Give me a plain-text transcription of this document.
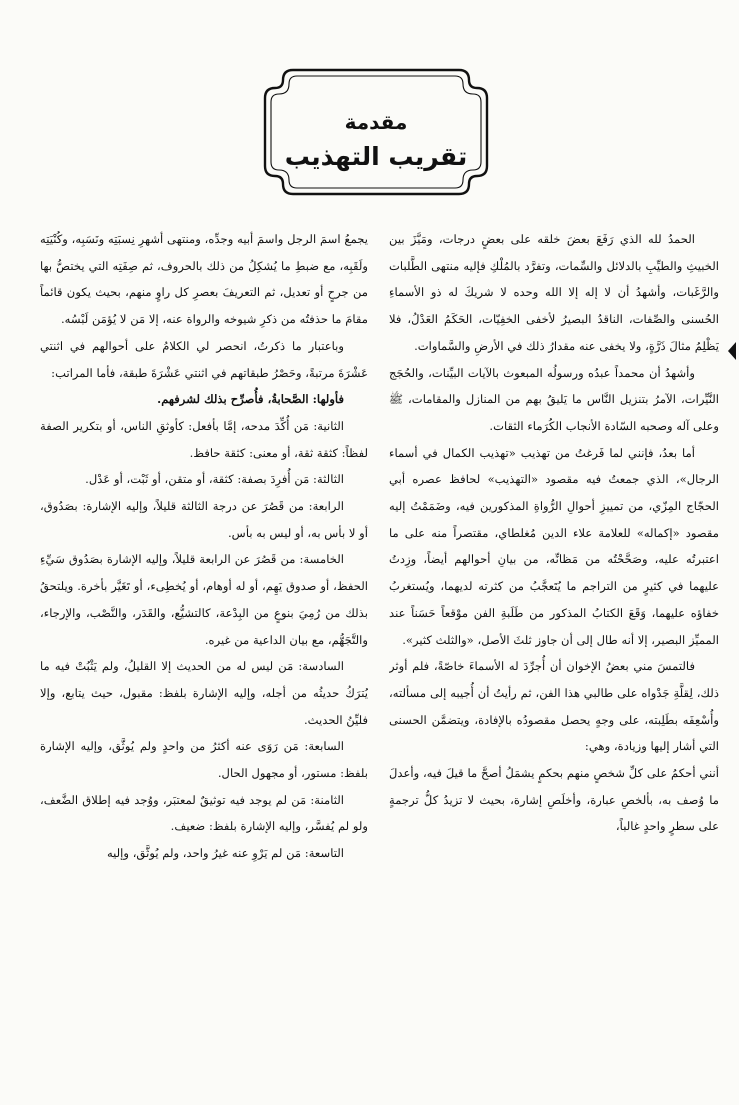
مقدمة
تقريب التهذيب

الحمدُ لله الذي رَفَعَ بعضَ خلقه على بعضٍ درجات، ومَيَّزَ بين الخبيثِ والطيِّبِ بالدلائل والسِّمات، وتفرَّد بالمُلْكِ فإليه منتهى الطَّلبات والرَّغَبات، وأشهدُ أن لا إله إلا الله وحده لا شريكَ له ذو الأسماءِ الحُسنى والصِّفات، الناقدُ البصيرُ لأخفى الخفِيّات، الحَكَمُ العَدْلُ، فلا يَظْلِمُ مثالَ ذَرَّةٍ، ولا يخفى عنه مقدارُ ذلك في الأرضِ والسَّماوات.

وأشهدُ أن محمداً عبدُه ورسولُه المبعوث بالآيات البيِّنات، والحُجَج النَّيِّرات، الآمرُ بتنزيل النَّاس ما يَليقُ بهم من المنازل والمقامات، ﷺ وعلى آله وصحبه السّادة الأنجاب الكُرَماء الثقات.

أما بعدُ، فإنني لما فَرغتُ من تهذيب «تهذيب الكمال في أسماء الرجال»، الذي جمعتُ فيه مقصود «التهذيب» لحافظ عصره أبي الحجّاج المِزّي، من تمييزِ أحوالِ الرُّواةِ المذكورين فيه، وضَمَمْتُ إليه مقصود «إكماله» للعلامة علاء الدين مُغلطاي، مقتصراً منه على ما اعتبرتُه عليه، وصَحَّحْتُه من مَظانِّه، من بيانِ أحوالهم أيضاً، وزِدتُ عليهما في كثيرٍ من التراجم ما يُتَعجَّبُ من كثرته لديهما، ويُستغربُ خفاؤه عليهما، وَقَعَ الكتابُ المذكور من طَلَبةِ الفن موْقعاً حَسَناً عند المميِّز البصير، إلا أنه طال إلى أن جاوز ثلثَ الأصل، «والثلث كثير».

فالتمسَ مني بعضُ الإخوان أن أُجرِّدَ له الأسماءَ خاصّةً، فلم أوثر ذلك، لِقلَّةِ جَدْواه على طالبي هذا الفن، ثم رأيتُ أن أُجيبه إلى مسألته، وأُسْعِفَه بطَلِبته، على وجهٍ يحصل مقصودُه بالإفادة، ويتضمَّن الحسنى التي أشار إليها وزيادة، وهي:

أنني أحكمُ على كلِّ شخصٍ منهم بحكمٍ يشمَلُ أصحَّ ما قيلَ فيه، وأعدلَ ما وُصف به، بألخصِ عبارة، وأخلَصِ إشارة، بحيث لا تزيدُ كلُّ ترجمةٍ على سطرٍ واحدٍ غالباً،

يجمعُ اسمَ الرجل واسمَ أبيه وجدِّه، ومنتهى أشهرِ نِسبَتِه ونَسَبِه، وكُنْيَتِه ولَقَبِه، مع ضبطِ ما يُشكِلُ من ذلك بالحروف، ثم صِفَتِه التي يختصُّ بها من جرحٍ أو تعديل، ثم التعريفَ بعصرِ كل راوٍ منهم، بحيث يكون قائماً مقامَ ما حذفتُه من ذكرِ شيوخه والرواة عنه، إلا مَن لا يُؤمَن لَبْسُه.

وباعتبار ما ذكرتُ، انحصر لي الكلامُ على أحوالهم في اثنتي عَشْرَةَ مرتبةً، وحَصْرُ طبقاتهم في اثنتي عَشْرَةَ طبقة، فأما المراتب:

فأولها: الصَّحابةُ، فأُصرِّح بذلك لشرفهم.

الثانية: مَن أُكِّدَ مدحه، إمَّا بأفعل: كأوثقِ الناس، أو بتكرير الصفة لفظاً: كثقة ثقة، أو معنى: كثقة حافظ.

الثالثة: مَن أُفرِدَ بصفة: كثقة، أو متقن، أو ثَبْت، أو عَدْل.

الرابعة: من قَصُرَ عن درجة الثالثة قليلاً، وإليه الإشارة: بصَدُوق، أو لا بأس به، أو ليس به بأس.

الخامسة: من قَصُرَ عن الرابعة قليلاً، وإليه الإشارة بصَدُوق سَيِّءِ الحفظ، أو صدوق يَهِم، أو له أوهام، أو يُخطِىء، أو تَغَيَّر بأخرة. ويلتحقُ بذلك من رُمِيَ بنوعٍ من البِدْعة، كالتشيُّع، والقَدَر، والنَّصْب، والإرجاء، والتَّجَهُّم، مع بيان الداعية من غيره.

السادسة: مَن ليس له من الحديث إلا القليلُ، ولم يَثْبُتْ فيه ما يُترَكُ حديثُه من أجله، وإليه الإشارة بلفظ: مقبول، حيث يتابع، وإلا فليِّنُ الحديث.

السابعة: مَن رَوَى عنه أكثرُ من واحدٍ ولم يُوثَّق، وإليه الإشارة بلفظ: مستور، أو مجهول الحال.

الثامنة: مَن لم يوجد فيه توثيقٌ لمعتبَر، ووُجد فيه إطلاق الضَّعف، ولو لم يُفسَّر، وإليه الإشارة بلفظ: ضعيف.

التاسعة: مَن لم يَرْوِ عنه غيرُ واحد، ولم يُوثَّق، وإليه
